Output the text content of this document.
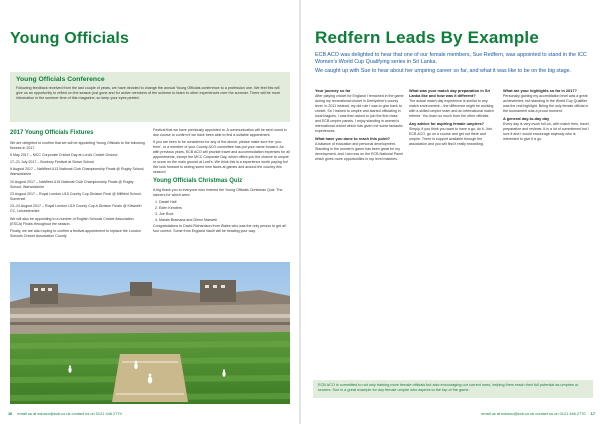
Young Officials
Young Officials Conference

Following feedback received from the last couple of years, we have decided to change the annual Young Officials conference to a profession one. We feel this will give us an opportunity to reflect on the season just gone and for active members of the scheme to listen to other experiences over the summer. There will be more information in the summer time of this magazine, so keep your eyes peeled.

2017 Young Officials Fixtures

We are delighted to confirm that we will be appointing Young Officials to the following fixtures in 2017.

5 May 2017 – MCC Corporate Cricket Day at Lord’s Cricket Ground

17–21 July 2017 – Bunbury Festival at Stowe School

9 August 2017 – NatWest U13 National Club Championship Finals @ Rugby School, Warwickshire

10 August 2017 – NatWest U15 National Club Championship Finals @ Rugby School, Warwickshire

23 August 2017 – Royal London U15 County Cup Division Final @ Millfield School, Somerset

23–24 August 2017 – Royal London U15 County Cup A Division Finals @ Kibworth CC, Leicestershire

We will also be appointing to a number of English Schools Cricket Association (ESCA) Finals throughout the season.

Finally, we are also hoping to confirm a festival appointment to replace the London Schools Cricket Association County

Festival that we have previously appointed to. A communication will be sent round in due course to confirm if we have been able to find a suitable appointment.

If you are keen to be considered for any of the above, please make sure the ‘you-term’, or a member of your County ACO committee has put your name forward. As with previous years, ECB ACO will provide travel and accommodation expenses for all appointments, except the MCC Corporate Day, which offers you the chance to umpire or score on the main ground at Lord’s. We think this is a experience worth paying for! We look forward to seeing some new faces at games and around the country this season!

Young Officials Christmas Quiz

A big thank you to everyone who entered the Young Officials Christmas Quiz. The winners for which were:

1. Daniel Hall
2. Eden Kenders
3. Joe Root
4. Marais Bramana and Glenn Maxwell

Congratulations to David Richardson from Wales who was the only person to get all four correct. Some from England Vault! will be heading your way.

16 email us at ecbaco@ecb.co.uk contact us on 0121 446 2770
Redfern Leads By Example

ECB ACO was delighted to hear that one of our female members, Sue Redfern, was appointed to stand in the ICC Women’s World Cup Qualifying series in Sri Lanka.

We caught up with Sue to hear about her umpiring career so far, and what it was like to be on the big stage.

Your journey so far

After playing cricket for England I remained in the game during my recreational cricket in Derbyshire’s county level. In 2011 instead, my old role I was to give back to cricket. So I trained to umpire and started officiating in local leagues. I was then asked to join the first class and ECB umpire panels. I enjoy standing in women’s international cricket which has given me some fantastic experiences.

What have you done to reach this point?

A balance of education and personal development. Standing in the women’s game has been great for my development, and I am now on the ECB National Panel which gives more opportunities in top level matches.

What was your match day preparation in Sri Lanka like and how was it different?

The actual match day experience is similar to any match environment – the difference might be working with a skilled umpire team and an international match referee. You learn so much from the other officials.

Any advice for aspiring female umpires?

Simply, if you think you want to have a go, do it. Join ECB ACO, go on a course and get out there and umpire. There is support available through the association and you will find it really rewarding.

What are your highlights so far in 2017?

Personally gaining my accreditation level was a great achievement, but standing in the World Cup Qualifier was the real highlight. Being the only female official in the tournament was a proud moment.

A general day-to-day day

Every day is very much full-on, with match fees, travel, preparation and reviews. It is a lot of commitment but I love it and I would encourage anybody who is interested to give it a go.

ECB ACO is committed to not only training more female officials but also encouraging our current ones, helping them reach their full potential as umpires or scorers. Sue is a great example for any female umpire who aspires to the top of the game.
email us at ecbaco@ecb.co.uk contact us on 0121 446 2770 17
